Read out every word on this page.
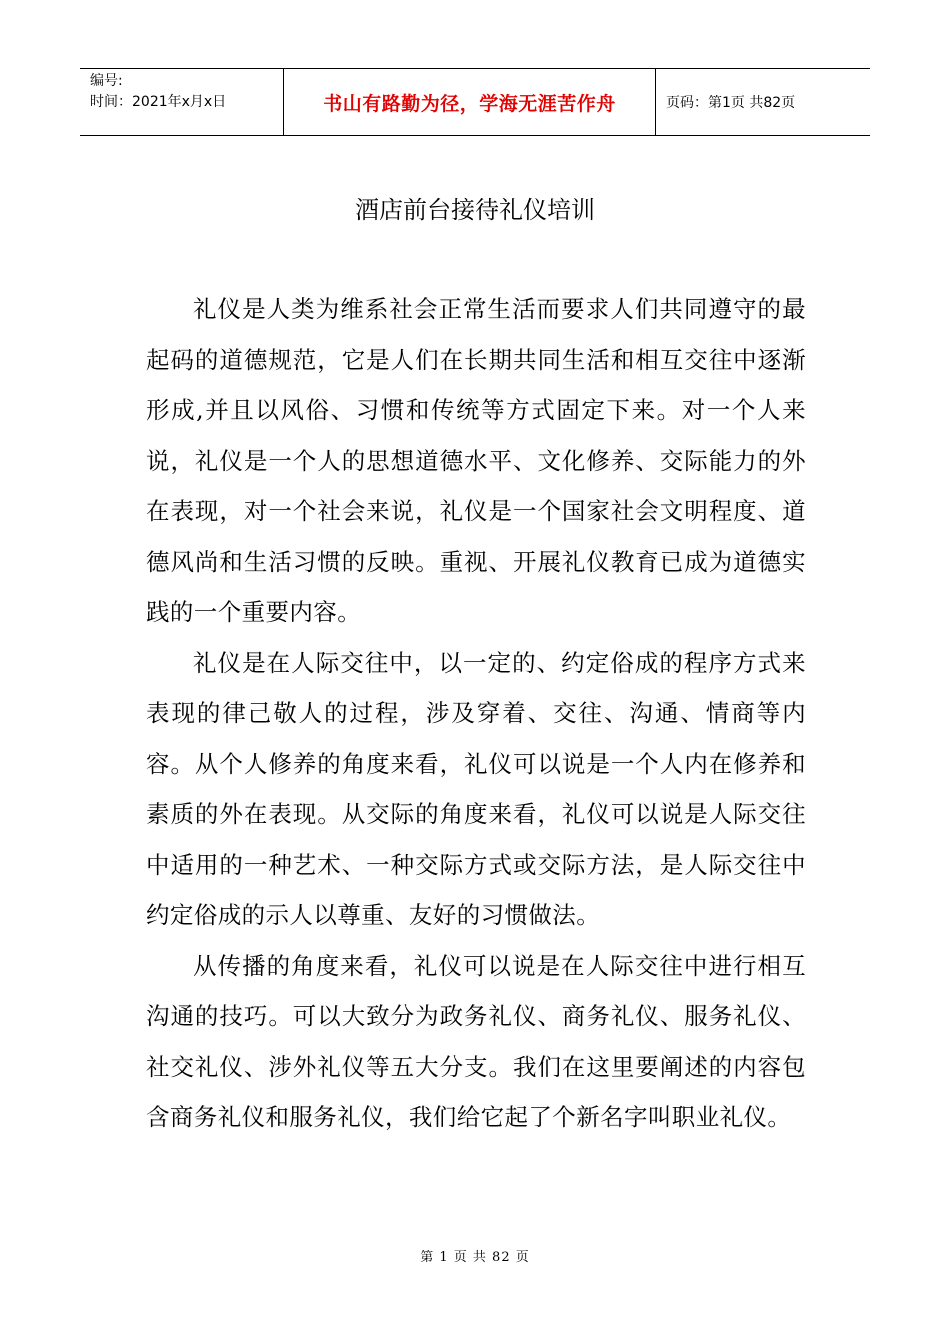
编号:
时间：2021年x月x日	书山有路勤为径，学海无涯苦作舟	页码：第1页 共82页
酒店前台接待礼仪培训

礼仪是人类为维系社会正常生活而要求人们共同遵守的最起码的道德规范，它是人们在长期共同生活和相互交往中逐渐形成,并且以风俗、习惯和传统等方式固定下来。对一个人来说，礼仪是一个人的思想道德水平、文化修养、交际能力的外在表现，对一个社会来说，礼仪是一个国家社会文明程度、道德风尚和生活习惯的反映。重视、开展礼仪教育已成为道德实践的一个重要内容。

礼仪是在人际交往中，以一定的、约定俗成的程序方式来表现的律己敬人的过程，涉及穿着、交往、沟通、情商等内容。从个人修养的角度来看，礼仪可以说是一个人内在修养和素质的外在表现。从交际的角度来看，礼仪可以说是人际交往中适用的一种艺术、一种交际方式或交际方法，是人际交往中约定俗成的示人以尊重、友好的习惯做法。

从传播的角度来看，礼仪可以说是在人际交往中进行相互沟通的技巧。可以大致分为政务礼仪、商务礼仪、服务礼仪、社交礼仪、涉外礼仪等五大分支。我们在这里要阐述的内容包含商务礼仪和服务礼仪，我们给它起了个新名字叫职业礼仪。

第 1 页 共 82 页
